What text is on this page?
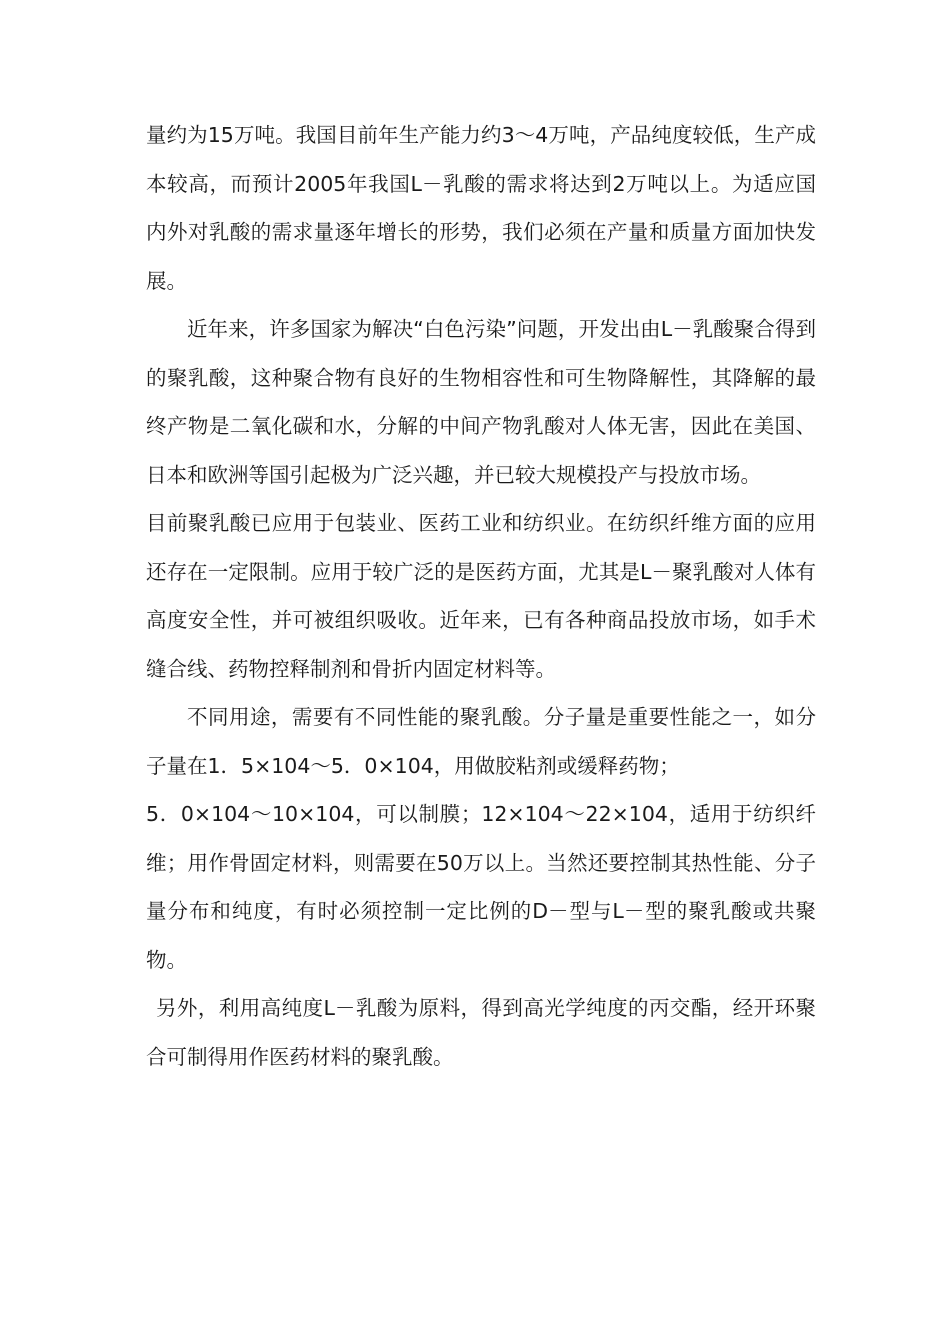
量约为15万吨。我国目前年生产能力约3～4万吨，产品纯度较低，生产成本较高，而预计2005年我国L－乳酸的需求将达到2万吨以上。为适应国内外对乳酸的需求量逐年增长的形势，我们必须在产量和质量方面加快发展。

近年来，许多国家为解决“白色污染”问题，开发出由L－乳酸聚合得到的聚乳酸，这种聚合物有良好的生物相容性和可生物降解性，其降解的最终产物是二氧化碳和水，分解的中间产物乳酸对人体无害，因此在美国、日本和欧洲等国引起极为广泛兴趣，并已较大规模投产与投放市场。

目前聚乳酸已应用于包装业、医药工业和纺织业。在纺织纤维方面的应用还存在一定限制。应用于较广泛的是医药方面，尤其是L－聚乳酸对人体有高度安全性，并可被组织吸收。近年来，已有各种商品投放市场，如手术缝合线、药物控释制剂和骨折内固定材料等。

不同用途，需要有不同性能的聚乳酸。分子量是重要性能之一，如分子量在1．5×104～5．0×104，用做胶粘剂或缓释药物；

5．0×104～10×104，可以制膜；12×104～22×104，适用于纺织纤维；用作骨固定材料，则需要在50万以上。当然还要控制其热性能、分子量分布和纯度，有时必须控制一定比例的D－型与L－型的聚乳酸或共聚物。

另外，利用高纯度L－乳酸为原料，得到高光学纯度的丙交酯，经开环聚合可制得用作医药材料的聚乳酸。
